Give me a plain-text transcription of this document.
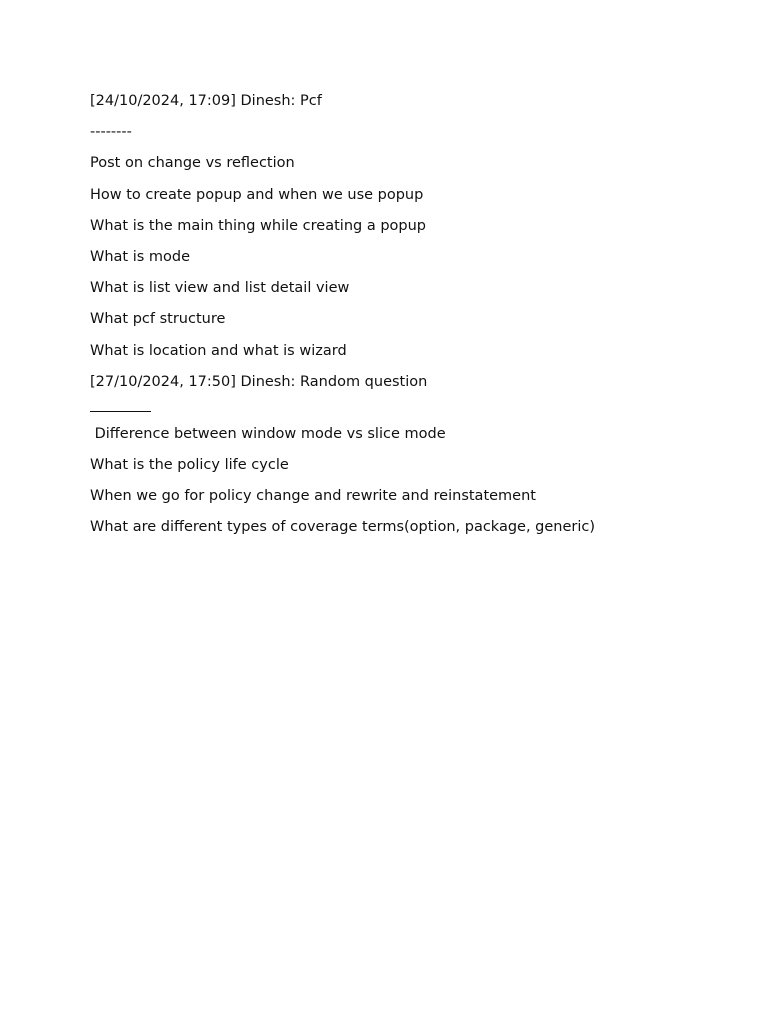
[24/10/2024, 17:09] Dinesh: Pcf
--------
Post on change vs reflection
How to create popup and when we use popup
What is the main thing while creating a popup
What is mode
What is list view and list detail view
What pcf structure
What is location and what is wizard
[27/10/2024, 17:50] Dinesh: Random question
Difference between window mode vs slice mode
What is the policy life cycle
When we go for policy change and rewrite and reinstatement
What are different types of coverage terms(option, package, generic)
